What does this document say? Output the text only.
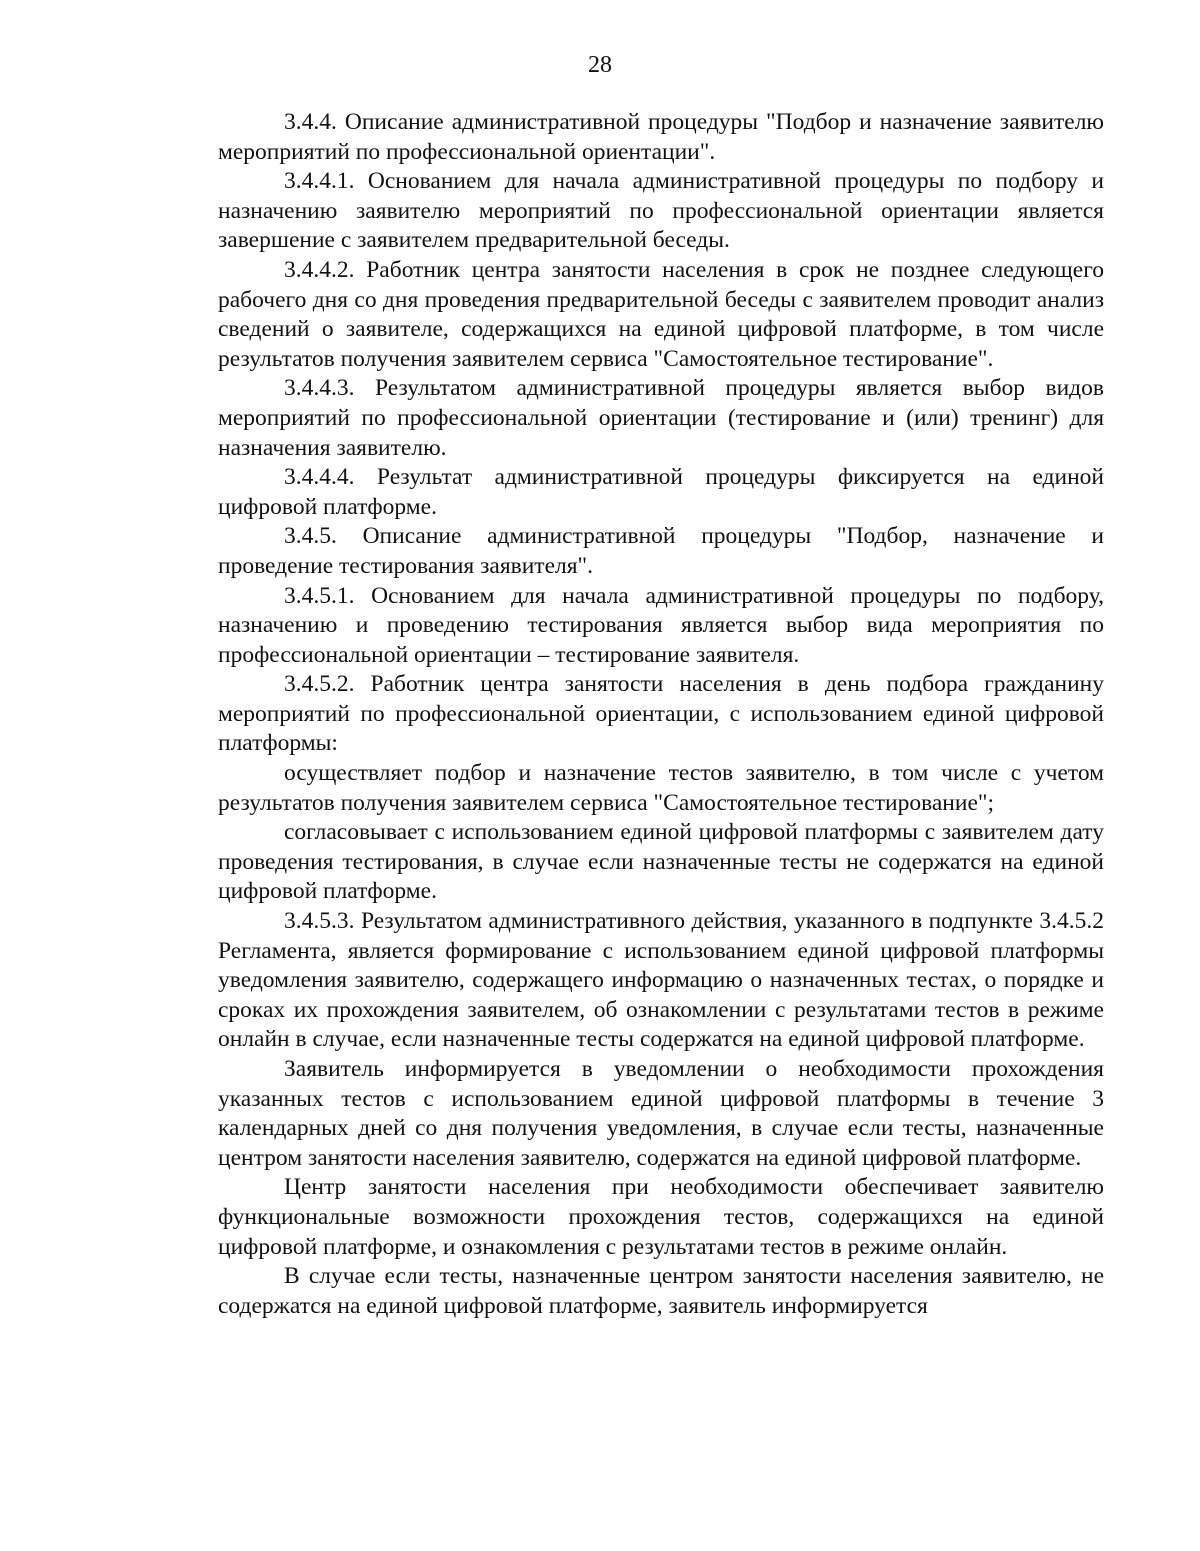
28

3.4.4. Описание административной процедуры "Подбор и назначение заявителю мероприятий по профессиональной ориентации".

3.4.4.1. Основанием для начала административной процедуры по подбору и назначению заявителю мероприятий по профессиональной ориентации является завершение с заявителем предварительной беседы.

3.4.4.2. Работник центра занятости населения в срок не позднее следующего рабочего дня со дня проведения предварительной беседы с заявителем проводит анализ сведений о заявителе, содержащихся на единой цифровой платформе, в том числе результатов получения заявителем сервиса "Самостоятельное тестирование".

3.4.4.3. Результатом административной процедуры является выбор видов мероприятий по профессиональной ориентации (тестирование и (или) тренинг) для назначения заявителю.

3.4.4.4. Результат административной процедуры фиксируется на единой цифровой платформе.

3.4.5. Описание административной процедуры "Подбор, назначение и проведение тестирования заявителя".

3.4.5.1. Основанием для начала административной процедуры по подбору, назначению и проведению тестирования является выбор вида мероприятия по профессиональной ориентации – тестирование заявителя.

3.4.5.2. Работник центра занятости населения в день подбора гражданину мероприятий по профессиональной ориентации, с использованием единой цифровой платформы:

осуществляет подбор и назначение тестов заявителю, в том числе с учетом результатов получения заявителем сервиса "Самостоятельное тестирование";

согласовывает с использованием единой цифровой платформы с заявителем дату проведения тестирования, в случае если назначенные тесты не содержатся на единой цифровой платформе.

3.4.5.3. Результатом административного действия, указанного в подпункте 3.4.5.2 Регламента, является формирование с использованием единой цифровой платформы уведомления заявителю, содержащего информацию о назначенных тестах, о порядке и сроках их прохождения заявителем, об ознакомлении с результатами тестов в режиме онлайн в случае, если назначенные тесты содержатся на единой цифровой платформе.

Заявитель информируется в уведомлении о необходимости прохождения указанных тестов с использованием единой цифровой платформы в течение 3 календарных дней со дня получения уведомления, в случае если тесты, назначенные центром занятости населения заявителю, содержатся на единой цифровой платформе.

Центр занятости населения при необходимости обеспечивает заявителю функциональные возможности прохождения тестов, содержащихся на единой цифровой платформе, и ознакомления с результатами тестов в режиме онлайн.

В случае если тесты, назначенные центром занятости населения заявителю, не содержатся на единой цифровой платформе, заявитель информируется
